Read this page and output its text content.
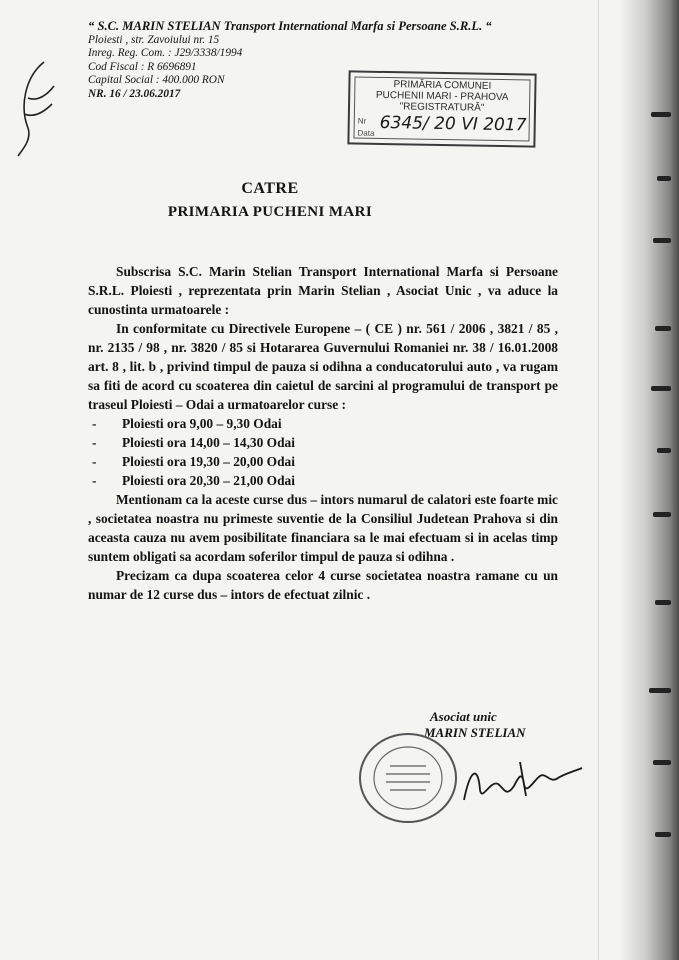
“ S.C. MARIN STELIAN Transport International Marfa si Persoane S.R.L. “
Ploiesti , str. Zavoiului nr. 15
Inreg. Reg. Com. : J29/3338/1994
Cod Fiscal : R 6696891
Capital Social : 400.000 RON
NR. 16 / 23.06.2017
PRIMĂRIA COMUNEI
PUCHENII MARI - PRAHOVA
"REGISTRATURĂ"
Nr
Data 6345/ 20 VI 2017
CATRE
PRIMARIA PUCHENI MARI

Subscrisa S.C. Marin Stelian Transport International Marfa si Persoane S.R.L. Ploiesti , reprezentata prin Marin Stelian , Asociat Unic , va aduce la cunostinta urmatoarele :

In conformitate cu Directivele Europene – ( CE ) nr. 561 / 2006 , 3821 / 85 , nr. 2135 / 98 , nr. 3820 / 85 si Hotararea Guvernului Romaniei nr. 38 / 16.01.2008 art. 8 , lit. b , privind timpul de pauza si odihna a conducatorului auto , va rugam sa fiti de acord cu scoaterea din caietul de sarcini al programului de transport pe traseul Ploiesti – Odai a urmatoarelor curse :

- Ploiesti ora 9,00 – 9,30 Odai
- Ploiesti ora 14,00 – 14,30 Odai
- Ploiesti ora 19,30 – 20,00 Odai
- Ploiesti ora 20,30 – 21,00 Odai

Mentionam ca la aceste curse dus – intors numarul de calatori este foarte mic , societatea noastra nu primeste suventie de la Consiliul Judetean Prahova si din aceasta cauza nu avem posibilitate financiara sa le mai efectuam si in acelas timp suntem obligati sa acordam soferilor timpul de pauza si odihna .

Precizam ca dupa scoaterea celor 4 curse societatea noastra ramane cu un numar de 12 curse dus – intors de efectuat zilnic .

Asociat unic
MARIN STELIAN
